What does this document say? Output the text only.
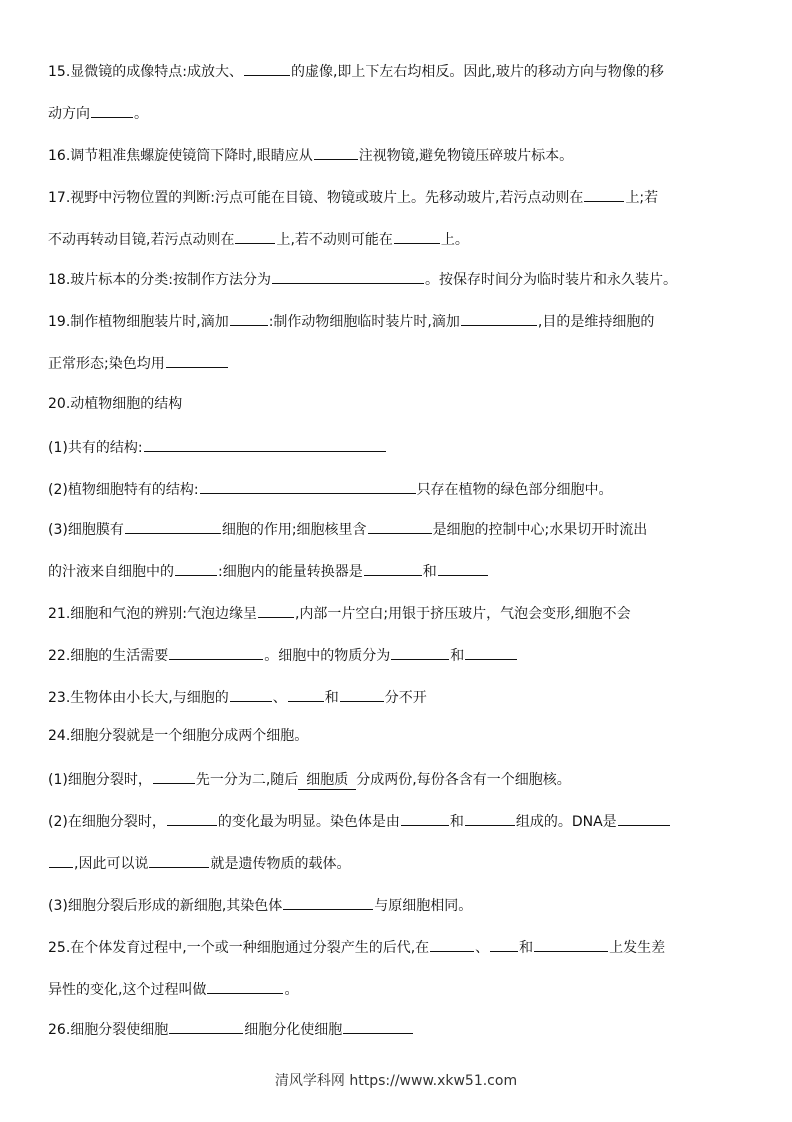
15.显微镜的成像特点:成放大、	的虚像,即上下左右均相反。因此,玻片的移动方向与物像的移
动方向	。
16.调节粗准焦螺旋使镜筒下降时,眼睛应从	注视物镜,避免物镜压碎玻片标本。
17.视野中污物位置的判断:污点可能在目镜、物镜或玻片上。先移动玻片,若污点动则在	上;若
不动再转动目镜,若污点动则在	上,若不动则可能在	上。
18.玻片标本的分类:按制作方法分为	。按保存时间分为临时装片和永久装片。
19.制作植物细胞装片时,滴加	:制作动物细胞临时装片时,滴加	,目的是维持细胞的
正常形态;染色均用
20.动植物细胞的结构
(1)共有的结构:
(2)植物细胞特有的结构:	只存在植物的绿色部分细胞中。
(3)细胞膜有	细胞的作用;细胞核里含	是细胞的控制中心;水果切开时流出
的汁液来自细胞中的	:细胞内的能量转换器是	和
21.细胞和气泡的辨别:气泡边缘呈	,内部一片空白;用银于挤压玻片，气泡会变形,细胞不会
22.细胞的生活需要	。细胞中的物质分为	和
23.生物体由小长大,与细胞的	、	和	分不开
24.细胞分裂就是一个细胞分成两个细胞。
(1)细胞分裂时，	先一分为二,随后 细胞质 分成两份,每份各含有一个细胞核。
(2)在细胞分裂时，	的变化最为明显。染色体是由	和	组成的。DNA是
,因此可以说	就是遗传物质的载体。
(3)细胞分裂后形成的新细胞,其染色体	与原细胞相同。
25.在个体发育过程中,一个或一种细胞通过分裂产生的后代,在	、 和	上发生差
异性的变化,这个过程叫做	。
26.细胞分裂使细胞	细胞分化使细胞
清风学科网 https://www.xkw51.com
